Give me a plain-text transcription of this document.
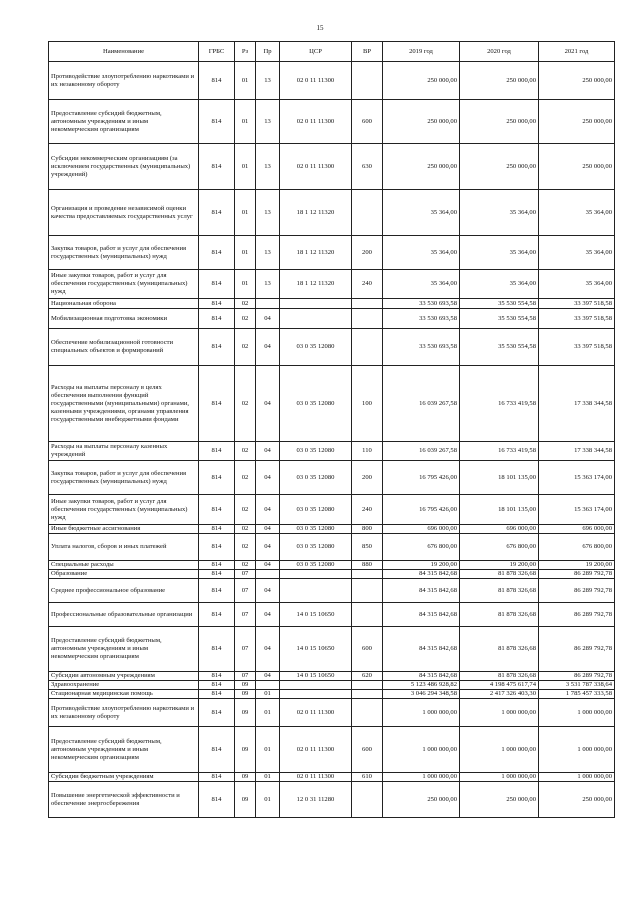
15
Наименование	ГРБС	Рз	Пр	ЦСР	ВР	2019 год	2020 год	2021 год
Противодействие злоупотреблению наркотиками и их незаконному обороту	814	01	13	02 0 11 11300		250 000,00	250 000,00	250 000,00
Предоставление субсидий бюджетным, автономным учреждениям и иным некоммерческим организациям	814	01	13	02 0 11 11300	600	250 000,00	250 000,00	250 000,00
Субсидии некоммерческим организациям (за исключением государственных (муниципальных) учреждений)	814	01	13	02 0 11 11300	630	250 000,00	250 000,00	250 000,00
Организация и проведение независимой оценки качества предоставляемых государственных услуг	814	01	13	18 1 12 11320		35 364,00	35 364,00	35 364,00
Закупка товаров, работ и услуг для обеспечения государственных (муниципальных) нужд	814	01	13	18 1 12 11320	200	35 364,00	35 364,00	35 364,00
Иные закупки товаров, работ и услуг для обеспечения государственных (муниципальных) нужд	814	01	13	18 1 12 11320	240	35 364,00	35 364,00	35 364,00
Национальная оборона	814	02				33 530 693,58	35 530 554,58	33 397 518,58
Мобилизационная подготовка экономики	814	02	04			33 530 693,58	35 530 554,58	33 397 518,58
Обеспечение мобилизационной готовности специальных объектов и формирований	814	02	04	03 0 35 12080		33 530 693,58	35 530 554,58	33 397 518,58
Расходы на выплаты персоналу в целях обеспечения выполнения функций государственными (муниципальными) органами, казенными учреждениями, органами управления государственными внебюджетными фондами	814	02	04	03 0 35 12080	100	16 039 267,58	16 733 419,58	17 338 344,58
Расходы на выплаты персоналу казенных учреждений	814	02	04	03 0 35 12080	110	16 039 267,58	16 733 419,58	17 338 344,58
Закупка товаров, работ и услуг для обеспечения государственных (муниципальных) нужд	814	02	04	03 0 35 12080	200	16 795 426,00	18 101 135,00	15 363 174,00
Иные закупки товаров, работ и услуг для обеспечения государственных (муниципальных) нужд	814	02	04	03 0 35 12080	240	16 795 426,00	18 101 135,00	15 363 174,00
Иные бюджетные ассигнования	814	02	04	03 0 35 12080	800	696 000,00	696 000,00	696 000,00
Уплата налогов, сборов и иных платежей	814	02	04	03 0 35 12080	850	676 800,00	676 800,00	676 800,00
Специальные расходы	814	02	04	03 0 35 12080	880	19 200,00	19 200,00	19 200,00
Образование	814	07				84 315 842,68	81 878 326,68	86 289 792,78
Среднее профессиональное образование	814	07	04			84 315 842,68	81 878 326,68	86 289 792,78
Профессиональные образовательные организации	814	07	04	14 0 15 10650		84 315 842,68	81 878 326,68	86 289 792,78
Предоставление субсидий бюджетным, автономным учреждениям и иным некоммерческим организациям	814	07	04	14 0 15 10650	600	84 315 842,68	81 878 326,68	86 289 792,78
Субсидии автономным учреждениям	814	07	04	14 0 15 10650	620	84 315 842,68	81 878 326,68	86 289 792,78
Здравоохранение	814	09				5 123 486 928,82	4 198 475 617,74	3 531 787 338,64
Стационарная медицинская помощь	814	09	01			3 046 294 348,58	2 417 326 403,30	1 785 457 333,58
Противодействие злоупотреблению наркотиками и их незаконному обороту	814	09	01	02 0 11 11300		1 000 000,00	1 000 000,00	1 000 000,00
Предоставление субсидий бюджетным, автономным учреждениям и иным некоммерческим организациям	814	09	01	02 0 11 11300	600	1 000 000,00	1 000 000,00	1 000 000,00
Субсидии бюджетным учреждениям	814	09	01	02 0 11 11300	610	1 000 000,00	1 000 000,00	1 000 000,00
Повышение энергетической эффективности и обеспечение энергосбережения	814	09	01	12 0 31 11280		250 000,00	250 000,00	250 000,00
